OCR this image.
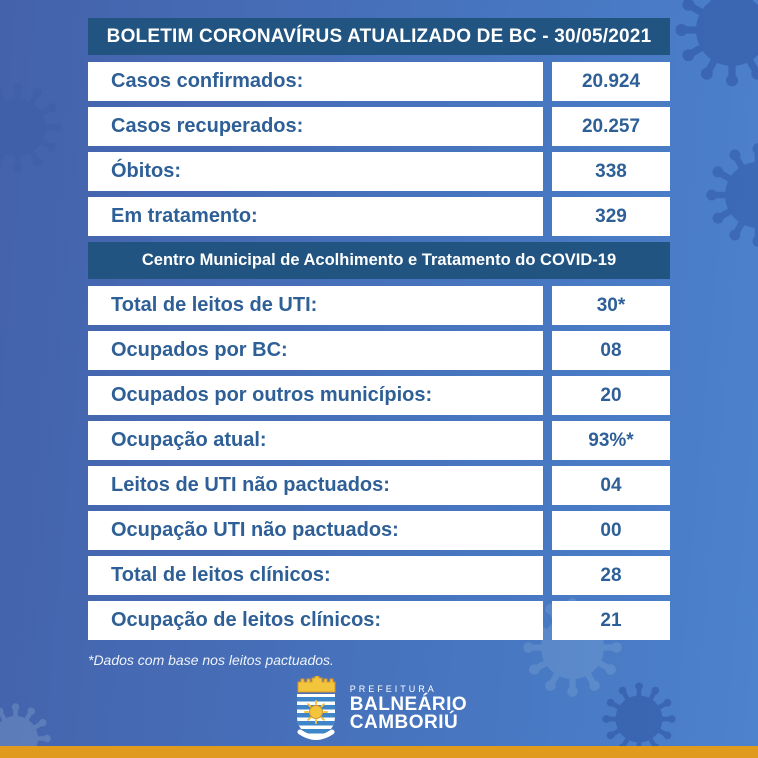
BOLETIM CORONAVÍRUS ATUALIZADO DE BC - 30/05/2021
Casos confirmados:	20.924
Casos recuperados:	20.257
Óbitos:	338
Em tratamento:	329
Centro Municipal de Acolhimento e Tratamento do COVID-19
Total de leitos de UTI:	30*
Ocupados por BC:	08
Ocupados por outros municípios:	20
Ocupação atual:	93%*
Leitos de UTI não pactuados:	04
Ocupação UTI não pactuados:	00
Total de leitos clínicos:	28
Ocupação de leitos clínicos:	21
*Dados com base nos leitos pactuados.
PREFEITURA
BALNEÁRIO
CAMBORIÚ
